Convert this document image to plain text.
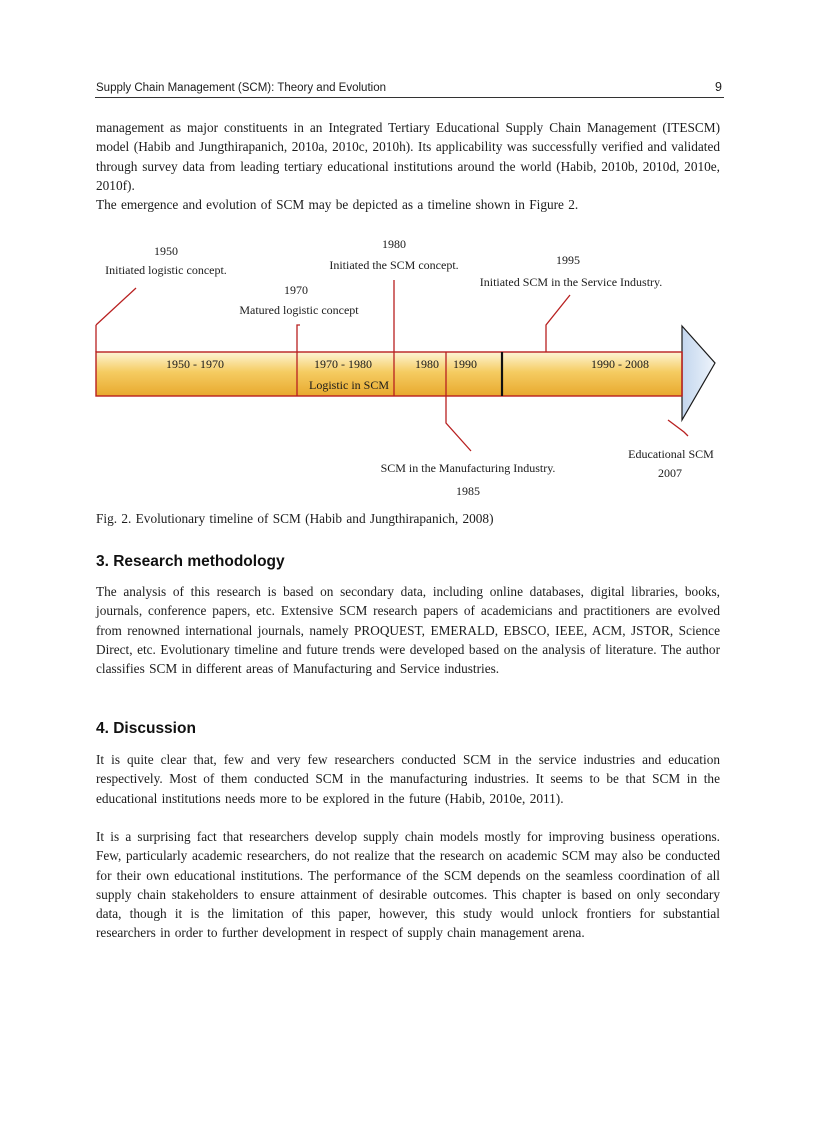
Supply Chain Management (SCM): Theory and Evolution	9

management as major constituents in an Integrated Tertiary Educational Supply Chain Management (ITESCM) model (Habib and Jungthirapanich, 2010a, 2010c, 2010h). Its applicability was successfully verified and validated through survey data from leading tertiary educational institutions around the world (Habib, 2010b, 2010d, 2010e, 2010f).

The emergence and evolution of SCM may be depicted as a timeline shown in Figure 2.

1950 - 1970	1970 - 1980
Logistic in SCM
1980 1990	1990 - 2008
1950
Initiated logistic concept.
1970
Matured logistic concept
1980
Initiated the SCM concept.	1995
Initiated SCM in the Service Industry.
SCM in the Manufacturing Industry.
1985
Educational SCM
2007

Fig. 2. Evolutionary timeline of SCM (Habib and Jungthirapanich, 2008)

3. Research methodology

The analysis of this research is based on secondary data, including online databases, digital libraries, books, journals, conference papers, etc. Extensive SCM research papers of academicians and practitioners are evolved from renowned international journals, namely PROQUEST, EMERALD, EBSCO, IEEE, ACM, JSTOR, Science Direct, etc. Evolutionary timeline and future trends were developed based on the analysis of literature. The author classifies SCM in different areas of Manufacturing and Service industries.

4. Discussion

It is quite clear that, few and very few researchers conducted SCM in the service industries and education respectively. Most of them conducted SCM in the manufacturing industries. It seems to be that SCM in the educational institutions needs more to be explored in the future (Habib, 2010e, 2011).

It is a surprising fact that researchers develop supply chain models mostly for improving business operations. Few, particularly academic researchers, do not realize that the research on academic SCM may also be conducted for their own educational institutions. The performance of the SCM depends on the seamless coordination of all supply chain stakeholders to ensure attainment of desirable outcomes. This chapter is based on only secondary data, though it is the limitation of this paper, however, this study would unlock frontiers for substantial researchers in order to further development in respect of supply chain management arena.
